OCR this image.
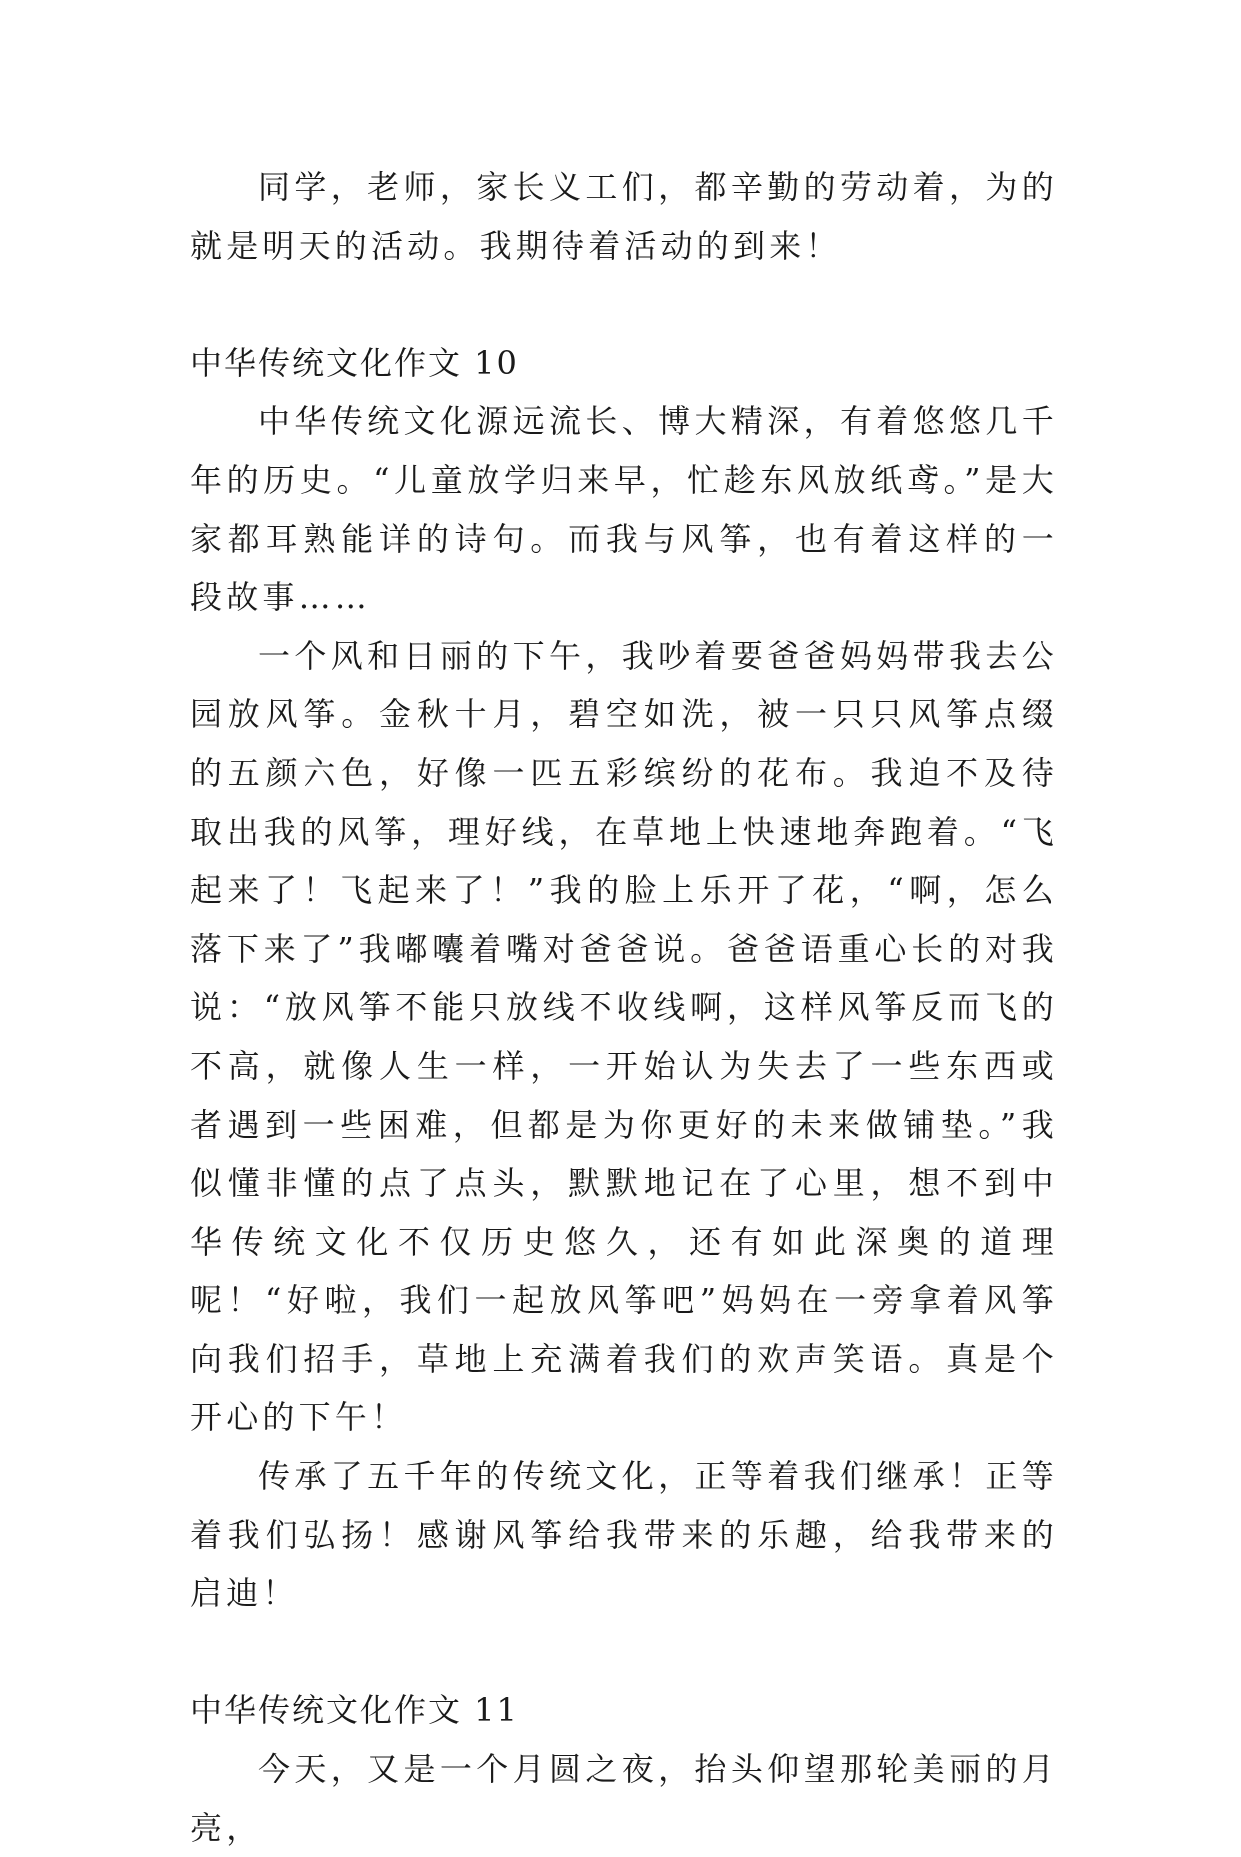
同学，老师，家长义工们，都辛勤的劳动着，为的就是明天的活动。我期待着活动的到来！

中华传统文化作文 10

中华传统文化源远流长、博大精深，有着悠悠几千年的历史。“儿童放学归来早，忙趁东风放纸鸢。”是大家都耳熟能详的诗句。而我与风筝，也有着这样的一段故事……

一个风和日丽的下午，我吵着要爸爸妈妈带我去公园放风筝。金秋十月，碧空如洗，被一只只风筝点缀的五颜六色，好像一匹五彩缤纷的花布。我迫不及待取出我的风筝，理好线，在草地上快速地奔跑着。“飞起来了！飞起来了！”我的脸上乐开了花，“啊，怎么落下来了”我嘟囔着嘴对爸爸说。爸爸语重心长的对我说：“放风筝不能只放线不收线啊，这样风筝反而飞的不高，就像人生一样，一开始认为失去了一些东西或者遇到一些困难，但都是为你更好的未来做铺垫。”我似懂非懂的点了点头，默默地记在了心里，想不到中华传统文化不仅历史悠久，还有如此深奥的道理呢！“好啦，我们一起放风筝吧”妈妈在一旁拿着风筝向我们招手，草地上充满着我们的欢声笑语。真是个开心的下午！

传承了五千年的传统文化，正等着我们继承！正等着我们弘扬！感谢风筝给我带来的乐趣，给我带来的启迪！

中华传统文化作文 11

今天，又是一个月圆之夜，抬头仰望那轮美丽的月亮，
